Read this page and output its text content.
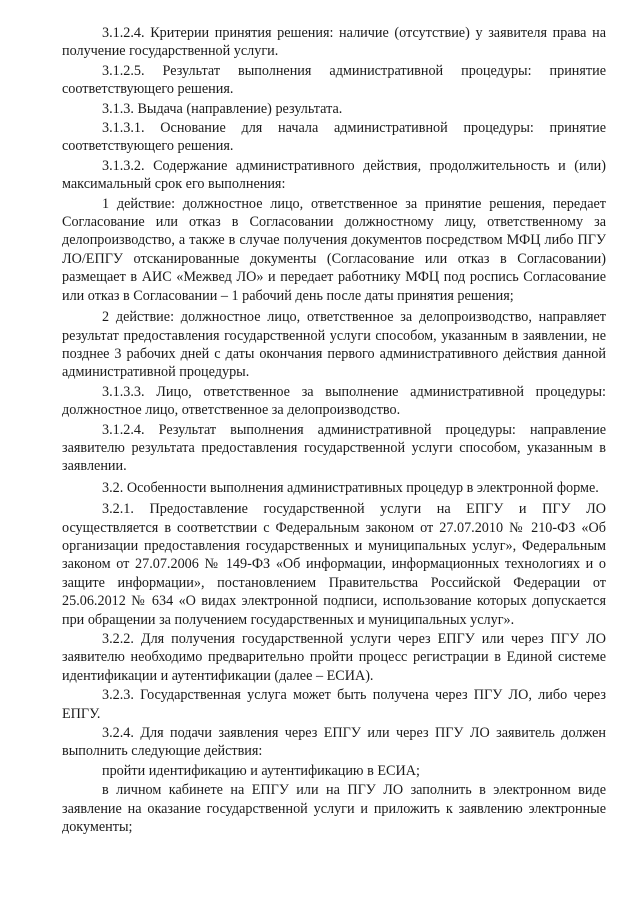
3.1.2.4. Критерии принятия решения: наличие (отсутствие) у заявителя права на получение государственной услуги.

3.1.2.5. Результат выполнения административной процедуры: принятие соответствующего решения.

3.1.3. Выдача (направление) результата.

3.1.3.1. Основание для начала административной процедуры: принятие соответствующего решения.

3.1.3.2. Содержание административного действия, продолжительность и (или) максимальный срок его выполнения:

1 действие: должностное лицо, ответственное за принятие решения, передает Согласование или отказ в Согласовании должностному лицу, ответственному за делопроизводство, а также в случае получения документов посредством МФЦ либо ПГУ ЛО/ЕПГУ отсканированные документы (Согласование или отказ в Согласовании) размещает в АИС «Межвед ЛО» и передает работнику МФЦ под роспись Согласование или отказ в Согласовании – 1 рабочий день после даты принятия решения;

2 действие: должностное лицо, ответственное за делопроизводство, направляет результат предоставления государственной услуги способом, указанным в заявлении, не позднее 3 рабочих дней с даты окончания первого административного действия данной административной процедуры.

3.1.3.3. Лицо, ответственное за выполнение административной процедуры: должностное лицо, ответственное за делопроизводство.

3.1.2.4. Результат выполнения административной процедуры: направление заявителю результата предоставления государственной услуги способом, указанным в заявлении.

3.2. Особенности выполнения административных процедур в электронной форме.

3.2.1. Предоставление государственной услуги на ЕПГУ и ПГУ ЛО осуществляется в соответствии с Федеральным законом от 27.07.2010 № 210-ФЗ «Об организации предоставления государственных и муниципальных услуг», Федеральным законом от 27.07.2006 № 149-ФЗ «Об информации, информационных технологиях и о защите информации», постановлением Правительства Российской Федерации от 25.06.2012 № 634 «О видах электронной подписи, использование которых допускается при обращении за получением государственных и муниципальных услуг».

3.2.2. Для получения государственной услуги через ЕПГУ или через ПГУ ЛО заявителю необходимо предварительно пройти процесс регистрации в Единой системе идентификации и аутентификации (далее – ЕСИА).

3.2.3. Государственная услуга может быть получена через ПГУ ЛО, либо через ЕПГУ.

3.2.4. Для подачи заявления через ЕПГУ или через ПГУ ЛО заявитель должен выполнить следующие действия:

пройти идентификацию и аутентификацию в ЕСИА;

в личном кабинете на ЕПГУ или на ПГУ ЛО заполнить в электронном виде заявление на оказание государственной услуги и приложить к заявлению электронные документы;
